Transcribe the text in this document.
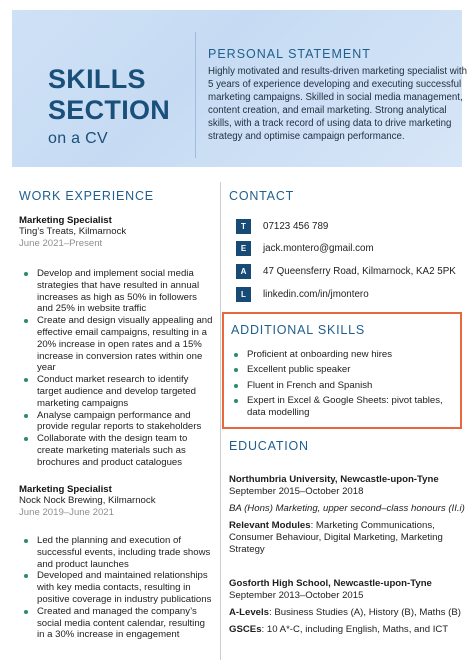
SKILLS
SECTION
on a CV
PERSONAL STATEMENT
Highly motivated and results-driven marketing specialist with 5 years of experience developing and executing successful marketing campaigns. Skilled in social media management, content creation, and email marketing. Strong analytical skills, with a track record of using data to drive marketing strategy and optimise campaign performance.
WORK EXPERIENCE
Marketing Specialist
Ting’s Treats, Kilmarnock
June 2021–Present
Develop and implement social media strategies that have resulted in annual increases as high as 50% in followers and 25% in website traffic
Create and design visually appealing and effective email campaigns, resulting in a 20% increase in open rates and a 15% increase in conversion rates within one year
Conduct market research to identify target audience and develop targeted marketing campaigns
Analyse campaign performance and provide regular reports to stakeholders
Collaborate with the design team to create marketing materials such as brochures and product catalogues
Marketing Specialist
Nock Nock Brewing, Kilmarnock
June 2019–June 2021
Led the planning and execution of successful events, including trade shows and product launches
Developed and maintained relationships with key media contacts, resulting in positive coverage in industry publications
Created and managed the company’s social media content calendar, resulting in a 30% increase in engagement
CONTACT
T	07123 456 789
E	jack.montero@gmail.com
A	47 Queensferry Road, Kilmarnock, KA2 5PK
L	linkedin.com/in/jmontero
ADDITIONAL SKILLS
Proficient at onboarding new hires
Excellent public speaker
Fluent in French and Spanish
Expert in Excel & Google Sheets: pivot tables, data modelling
EDUCATION
Northumbria University, Newcastle-upon-Tyne
September 2015–October 2018
BA (Hons) Marketing, upper second–class honours (II.i)
Relevant Modules: Marketing Communications, Consumer Behaviour, Digital Marketing, Marketing Strategy
Gosforth High School, Newcastle-upon-Tyne
September 2013–October 2015
A-Levels: Business Studies (A), History (B), Maths (B)
GSCEs: 10 A*-C, including English, Maths, and ICT
